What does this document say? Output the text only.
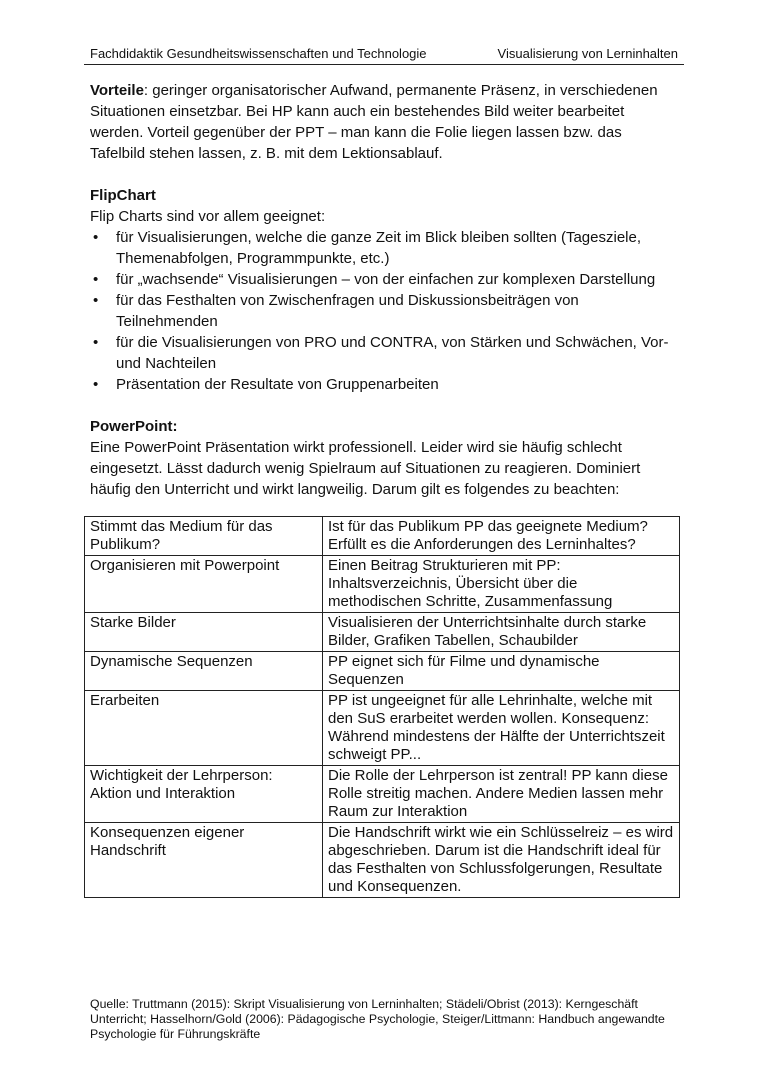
Fachdidaktik Gesundheitswissenschaften und Technologie	Visualisierung von Lerninhalten

Vorteile: geringer organisatorischer Aufwand, permanente Präsenz, in verschiedenen Situationen einsetzbar. Bei HP kann auch ein bestehendes Bild weiter bearbeitet werden. Vorteil gegenüber der PPT – man kann die Folie liegen lassen bzw. das Tafelbild stehen lassen, z. B. mit dem Lektionsablauf.

FlipChart

Flip Charts sind vor allem geeignet:

• für Visualisierungen, welche die ganze Zeit im Blick bleiben sollten (Tagesziele, Themenabfolgen, Programmpunkte, etc.)
• für „wachsende“ Visualisierungen – von der einfachen zur komplexen Darstellung
• für das Festhalten von Zwischenfragen und Diskussionsbeiträgen von Teilnehmenden
• für die Visualisierungen von PRO und CONTRA, von Stärken und Schwächen, Vor- und Nachteilen
• Präsentation der Resultate von Gruppenarbeiten

PowerPoint:

Eine PowerPoint Präsentation wirkt professionell. Leider wird sie häufig schlecht eingesetzt. Lässt dadurch wenig Spielraum auf Situationen zu reagieren. Dominiert häufig den Unterricht und wirkt langweilig. Darum gilt es folgendes zu beachten:

Stimmt das Medium für das Publikum?	Ist für das Publikum PP das geeignete Medium? Erfüllt es die Anforderungen des Lerninhaltes?
Organisieren mit Powerpoint	Einen Beitrag Strukturieren mit PP: Inhaltsverzeichnis, Übersicht über die methodischen Schritte, Zusammenfassung
Starke Bilder	Visualisieren der Unterrichtsinhalte durch starke Bilder, Grafiken Tabellen, Schaubilder
Dynamische Sequenzen	PP eignet sich für Filme und dynamische Sequenzen
Erarbeiten	PP ist ungeeignet für alle Lehrinhalte, welche mit den SuS erarbeitet werden wollen. Konsequenz: Während mindestens der Hälfte der Unterrichtszeit schweigt PP...
Wichtigkeit der Lehrperson: Aktion und Interaktion	Die Rolle der Lehrperson ist zentral! PP kann diese Rolle streitig machen. Andere Medien lassen mehr Raum zur Interaktion
Konsequenzen eigener Handschrift	Die Handschrift wirkt wie ein Schlüsselreiz – es wird abgeschrieben. Darum ist die Handschrift ideal für das Festhalten von Schlussfolgerungen, Resultate und Konsequenzen.
Quelle: Truttmann (2015): Skript Visualisierung von Lerninhalten; Städeli/Obrist (2013): Kerngeschäft Unterricht; Hasselhorn/Gold (2006): Pädagogische Psychologie, Steiger/Littmann: Handbuch angewandte Psychologie für Führungskräfte
